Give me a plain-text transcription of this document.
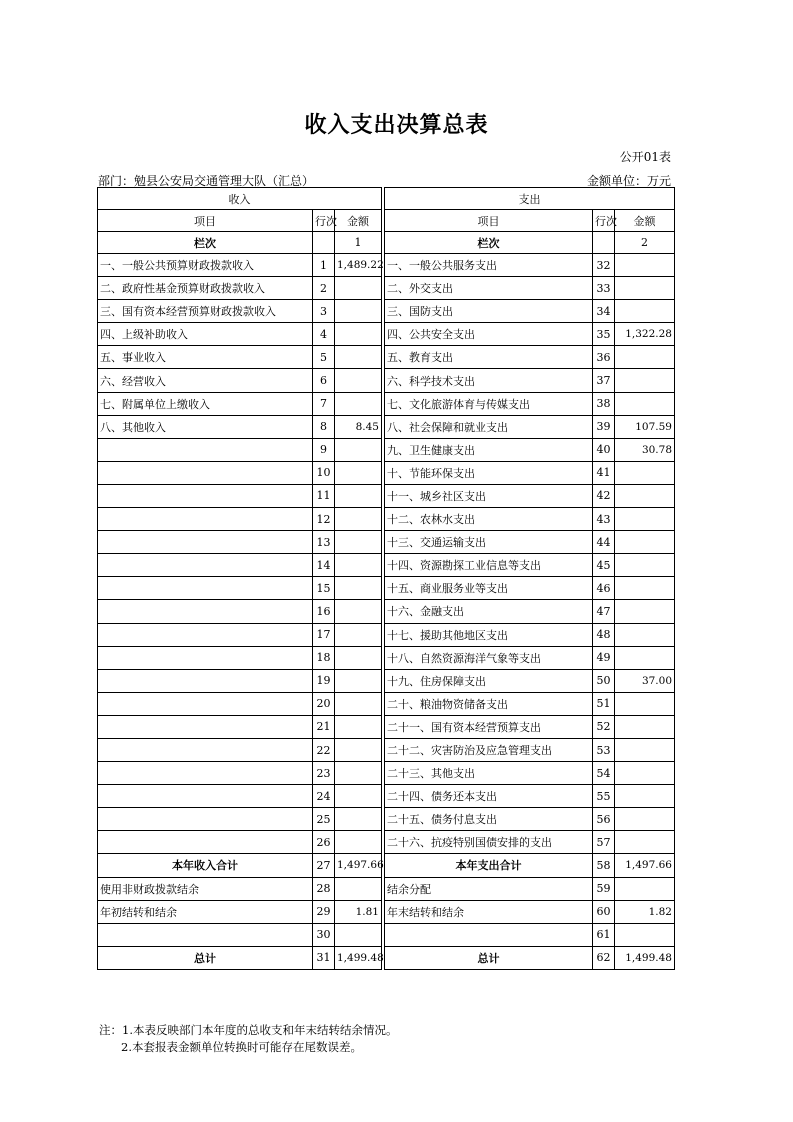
收入支出决算总表
公开01表
部门：勉县公安局交通管理大队（汇总）	金额单位：万元
收入				支出		
项目	行次	金额		项目	行次	金额
栏次		1		栏次		2
一、一般公共预算财政拨款收入	1	1,489.22		一、一般公共服务支出	32	
二、政府性基金预算财政拨款收入	2			二、外交支出	33	
三、国有资本经营预算财政拨款收入	3			三、国防支出	34	
四、上级补助收入	4			四、公共安全支出	35	1,322.28
五、事业收入	5			五、教育支出	36	
六、经营收入	6			六、科学技术支出	37	
七、附属单位上缴收入	7			七、文化旅游体育与传媒支出	38	
八、其他收入	8	8.45		八、社会保障和就业支出	39	107.59
	9			九、卫生健康支出	40	30.78
	10			十、节能环保支出	41	
	11			十一、城乡社区支出	42	
	12			十二、农林水支出	43	
	13			十三、交通运输支出	44	
	14			十四、资源勘探工业信息等支出	45	
	15			十五、商业服务业等支出	46	
	16			十六、金融支出	47	
	17			十七、援助其他地区支出	48	
	18			十八、自然资源海洋气象等支出	49	
	19			十九、住房保障支出	50	37.00
	20			二十、粮油物资储备支出	51	
	21			二十一、国有资本经营预算支出	52	
	22			二十二、灾害防治及应急管理支出	53	
	23			二十三、其他支出	54	
	24			二十四、债务还本支出	55	
	25			二十五、债务付息支出	56	
	26			二十六、抗疫特别国债安排的支出	57	
本年收入合计	27	1,497.66		本年支出合计	58	1,497.66
使用非财政拨款结余	28			结余分配	59	
年初结转和结余	29	1.81		年末结转和结余	60	1.82
	30				61	
总计	31	1,499.48		总计	62	1,499.48
注：1.本表反映部门本年度的总收支和年末结转结余情况。
2.本套报表金额单位转换时可能存在尾数误差。
